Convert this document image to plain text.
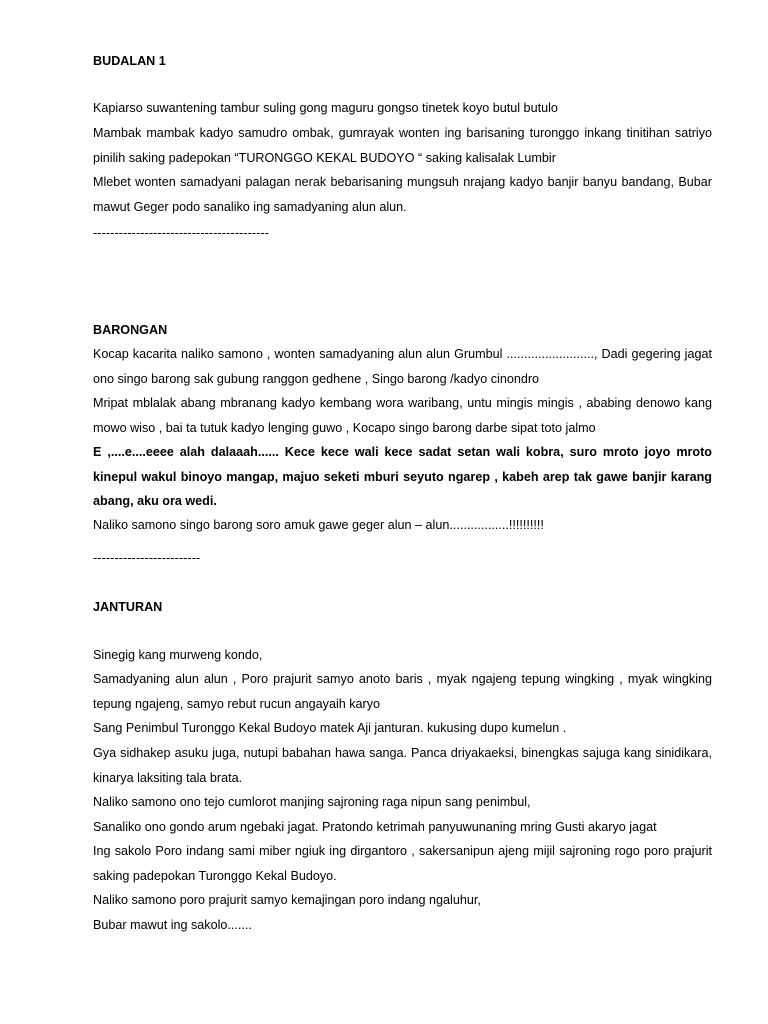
BUDALAN 1

Kapiarso suwantening tambur suling gong maguru gongso tinetek koyo butul butulo

Mambak mambak kadyo samudro ombak, gumrayak wonten ing barisaning turonggo inkang tinitihan satriyo pinilih saking padepokan “TURONGGO KEKAL BUDOYO “ saking kalisalak Lumbir

Mlebet wonten samadyani palagan nerak bebarisaning mungsuh nrajang kadyo banjir banyu bandang, Bubar mawut Geger podo sanaliko ing samadyaning alun alun.

-----------------------------------------

BARONGAN

Kocap kacarita naliko samono , wonten samadyaning alun alun Grumbul ........................., Dadi gegering jagat ono singo barong sak gubung ranggon gedhene , Singo barong /kadyo cinondro

Mripat mblalak abang mbranang kadyo kembang wora waribang, untu mingis mingis , ababing denowo kang mowo wiso , bai ta tutuk kadyo lenging guwo , Kocapo singo barong darbe sipat toto jalmo

E ,....e....eeee alah dalaaah...... Kece kece wali kece sadat setan wali kobra, suro mroto joyo mroto kinepul wakul binoyo mangap, majuo seketi mburi seyuto ngarep , kabeh arep tak gawe banjir karang abang, aku ora wedi.

Naliko samono singo barong soro amuk gawe geger alun – alun.................!!!!!!!!!!

-------------------------

JANTURAN

Sinegig kang murweng kondo,

Samadyaning alun alun , Poro prajurit samyo anoto baris , myak ngajeng tepung wingking , myak wingking tepung ngajeng, samyo rebut rucun angayaih karyo

Sang Penimbul Turonggo Kekal Budoyo matek Aji janturan. kukusing dupo kumelun .

Gya sidhakep asuku juga, nutupi babahan hawa sanga. Panca driyakaeksi, binengkas sajuga kang sinidikara, kinarya laksiting tala brata.

Naliko samono ono tejo cumlorot manjing sajroning raga nipun sang penimbul,

Sanaliko ono gondo arum ngebaki jagat. Pratondo ketrimah panyuwunaning mring Gusti akaryo jagat

Ing sakolo Poro indang sami miber ngiuk ing dirgantoro , sakersanipun ajeng mijil sajroning rogo poro prajurit saking padepokan Turonggo Kekal Budoyo.

Naliko samono poro prajurit samyo kemajingan poro indang ngaluhur,

Bubar mawut ing sakolo.......
